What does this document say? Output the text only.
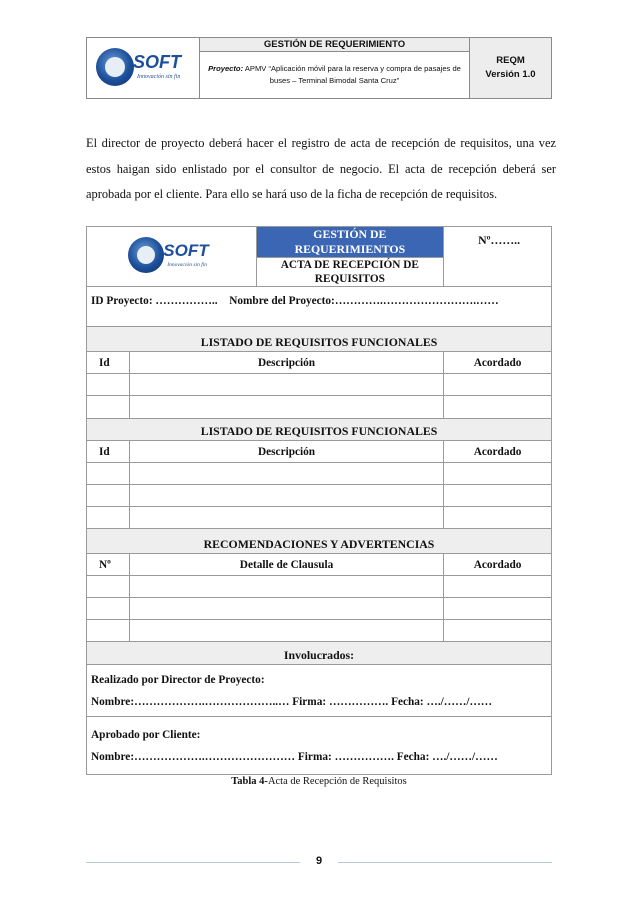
SOFT
Innovación sin fin
	GESTIÓN DE REQUERIMIENTO	
REQM
Versión 1.0

Proyecto: APMV “Aplicación móvil para la reserva y compra de pasajes de buses – Terminal Bimodal Santa Cruz”

El director de proyecto deberá hacer el registro de acta de recepción de requisitos, una vez estos haigan sido enlistado por el consultor de negocio. El acta de recepción deberá ser aprobada por el cliente. Para ello se hará uso de la ficha de recepción de requisitos.

SOFT
Innovación sin fin		GESTIÓN DE REQUERIMIENTOS	Nº……..
		ACTA DE RECEPCIÓN DE REQUISITOS	
ID Proyecto: …………….. Nombre del Proyecto:………….…………………….……			
LISTADO DE REQUISITOS FUNCIONALES			
Id	Descripción		Acordado

LISTADO DE REQUISITOS FUNCIONALES			
Id	Descripción		Acordado

RECOMENDACIONES Y ADVERTENCIAS			
Nº	Detalle de Clausula		Acordado

Involucrados:			

Realizado por Director de Proyecto:

Nombre:……………….………………..… Firma: ……………. Fecha: …./……/……			

Aprobado por Cliente:

Nombre:……………….…………………… Firma: ……………. Fecha: …./……/……			

Tabla 4-Acta de Recepción de Requisitos

9
